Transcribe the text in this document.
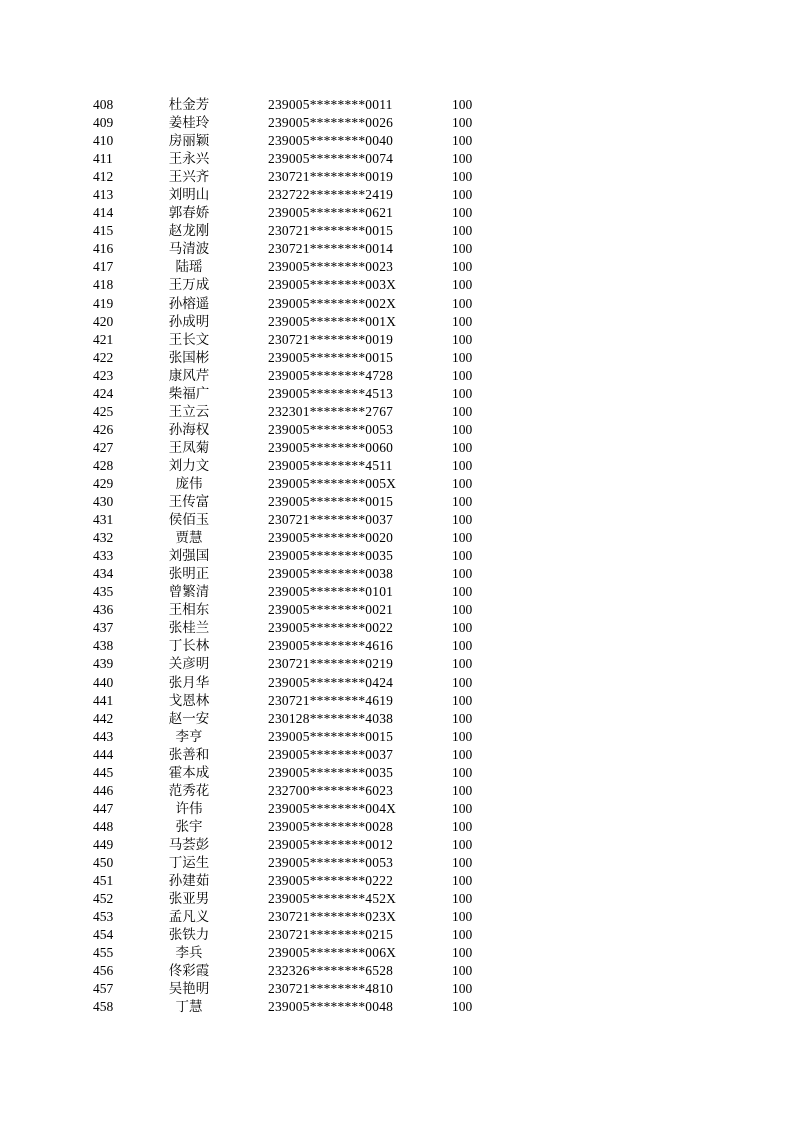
408	杜金芳	239005********0011	100
409	姜桂玲	239005********0026	100
410	房丽颖	239005********0040	100
411	王永兴	239005********0074	100
412	王兴齐	230721********0019	100
413	刘明山	232722********2419	100
414	郭春娇	239005********0621	100
415	赵龙刚	230721********0015	100
416	马清波	230721********0014	100
417	陆瑶	239005********0023	100
418	王万成	239005********003X	100
419	孙榕遥	239005********002X	100
420	孙成明	239005********001X	100
421	王长文	230721********0019	100
422	张国彬	239005********0015	100
423	康风芹	239005********4728	100
424	柴福广	239005********4513	100
425	王立云	232301********2767	100
426	孙海权	239005********0053	100
427	王凤菊	239005********0060	100
428	刘力文	239005********4511	100
429	庞伟	239005********005X	100
430	王传富	239005********0015	100
431	侯佰玉	230721********0037	100
432	贾慧	239005********0020	100
433	刘强国	239005********0035	100
434	张明正	239005********0038	100
435	曾繁清	239005********0101	100
436	王相东	239005********0021	100
437	张桂兰	239005********0022	100
438	丁长林	239005********4616	100
439	关彦明	230721********0219	100
440	张月华	239005********0424	100
441	戈恩林	230721********4619	100
442	赵一安	230128********4038	100
443	李亨	239005********0015	100
444	张善和	239005********0037	100
445	霍本成	239005********0035	100
446	范秀花	232700********6023	100
447	许伟	239005********004X	100
448	张宇	239005********0028	100
449	马荟彭	239005********0012	100
450	丁运生	239005********0053	100
451	孙建茹	239005********0222	100
452	张亚男	239005********452X	100
453	孟凡义	230721********023X	100
454	张铁力	230721********0215	100
455	李兵	239005********006X	100
456	佟彩霞	232326********6528	100
457	吴艳明	230721********4810	100
458	丁慧	239005********0048	100
